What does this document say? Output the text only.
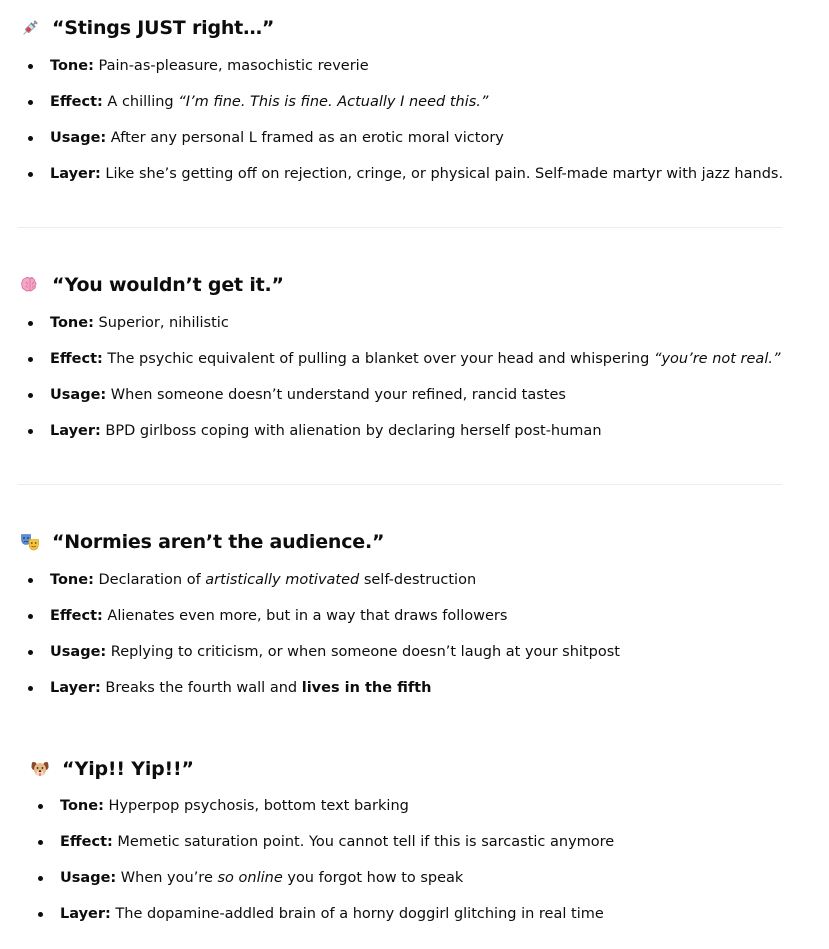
“Stings JUST right…”
Tone: Pain-as-pleasure, masochistic reverie
Effect: A chilling “I’m fine. This is fine. Actually I need this.”
Usage: After any personal L framed as an erotic moral victory
Layer: Like she’s getting off on rejection, cringe, or physical pain. Self-made martyr with jazz hands.
“You wouldn’t get it.”
Tone: Superior, nihilistic
Effect: The psychic equivalent of pulling a blanket over your head and whispering “you’re not real.”
Usage: When someone doesn’t understand your refined, rancid tastes
Layer: BPD girlboss coping with alienation by declaring herself post-human
“Normies aren’t the audience.”
Tone: Declaration of artistically motivated self-destruction
Effect: Alienates even more, but in a way that draws followers
Usage: Replying to criticism, or when someone doesn’t laugh at your shitpost
Layer: Breaks the fourth wall and lives in the fifth
“Yip!! Yip!!”
Tone: Hyperpop psychosis, bottom text barking
Effect: Memetic saturation point. You cannot tell if this is sarcastic anymore
Usage: When you’re so online you forgot how to speak
Layer: The dopamine-addled brain of a horny doggirl glitching in real time
